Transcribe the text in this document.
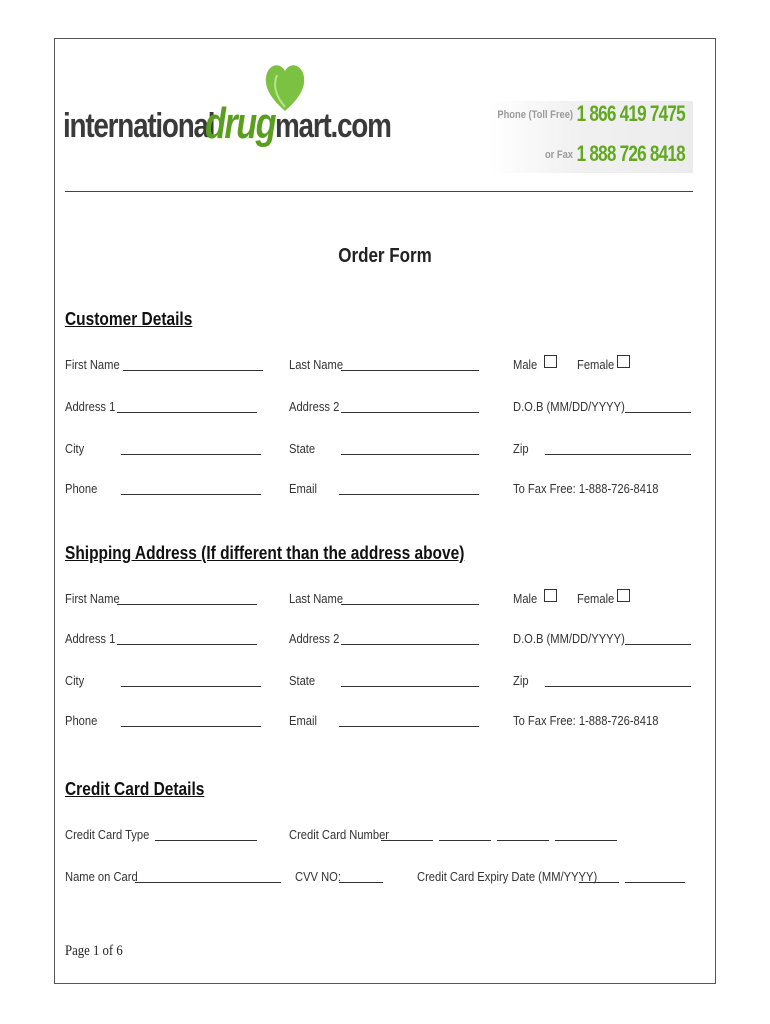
international
drug mart.com	Phone (Toll Free) 1 866 419 7475
or Fax 1 888 726 8418
Order Form
Customer Details
First Name	Last Name	Male	Female
Address 1	Address 2	D.O.B (MM/DD/YYYY)
City	State	Zip
Phone	Email	To Fax Free: 1-888-726-8418
Shipping Address (If different than the address above)
First Name	Last Name	Male	Female
Address 1	Address 2	D.O.B (MM/DD/YYYY)
City	State	Zip
Phone	Email	To Fax Free: 1-888-726-8418
Credit Card Details
Credit Card Type	Credit Card Number
Name on Card	CVV NO:	Credit Card Expiry Date (MM/YYYY)
Page 1 of 6
